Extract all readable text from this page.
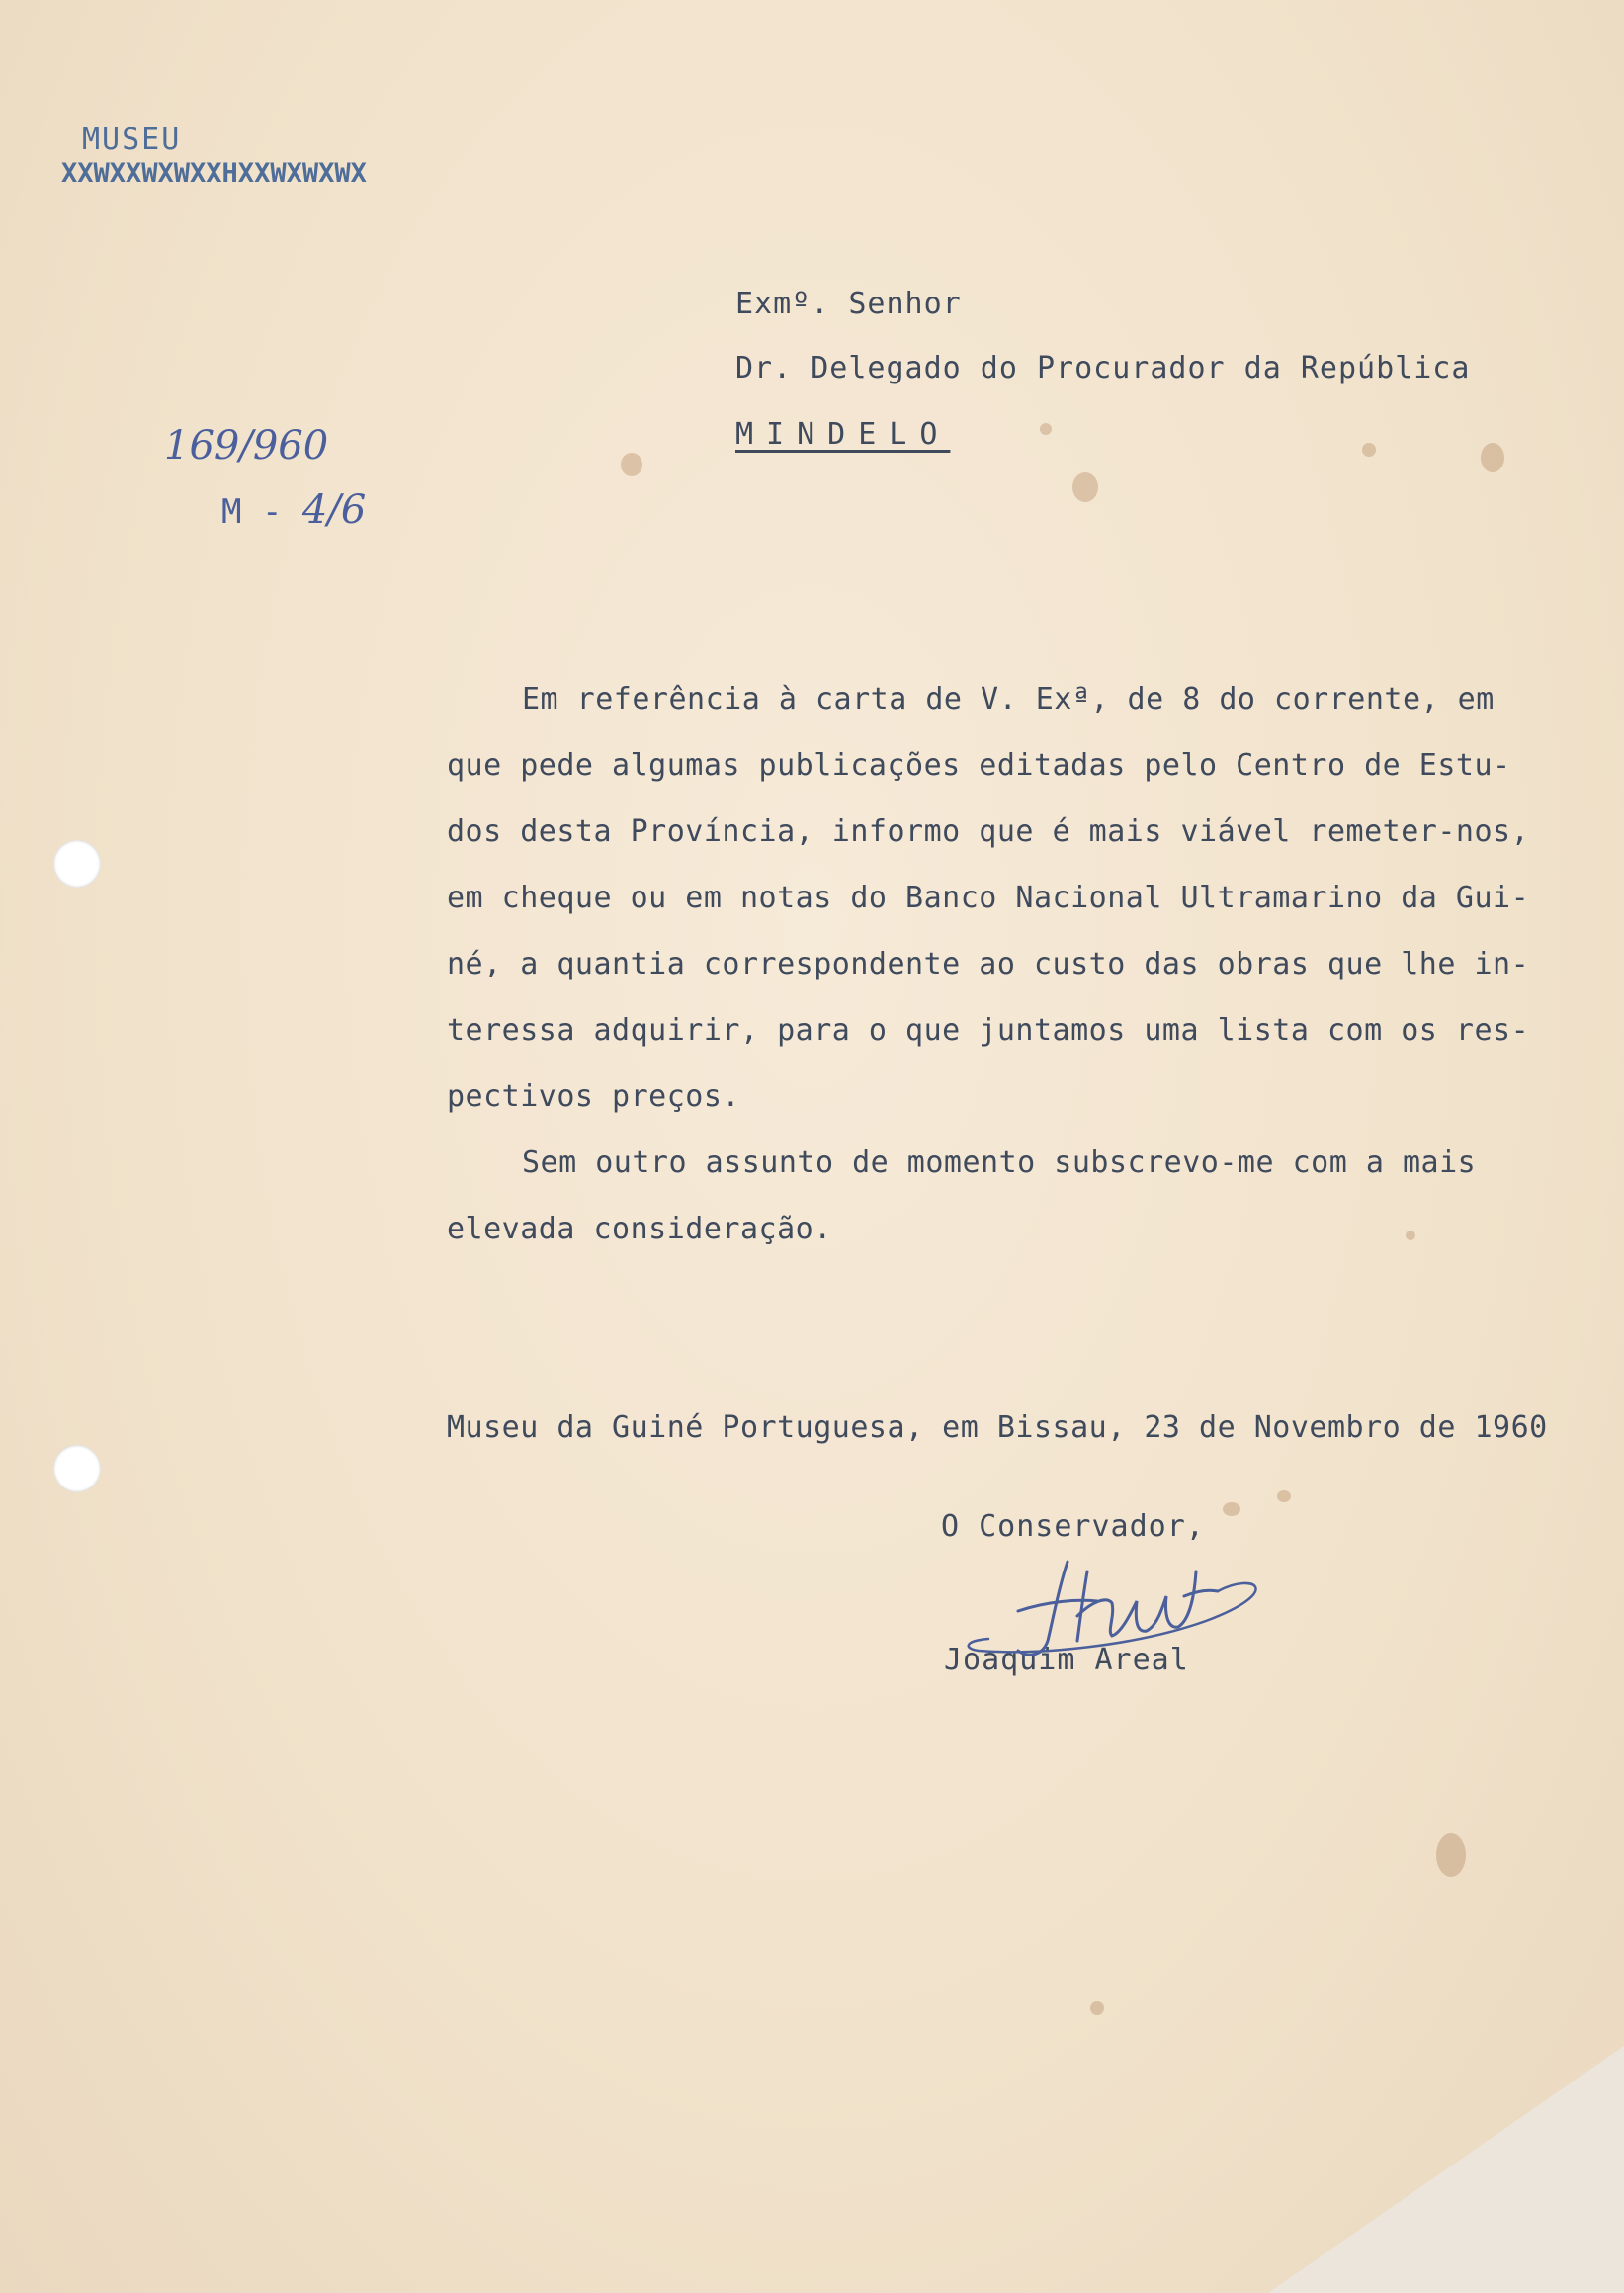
MUSEU
XXWXXWXWXXHXXWXWXWX
169/960
M - 4/6
Exmº. Senhor
Dr. Delegado do Procurador da República
MINDELO
Em referência à carta de V. Exª, de 8 do corrente, em
que pede algumas publicações editadas pelo Centro de Estu-
dos desta Província, informo que é mais viável remeter-nos,
em cheque ou em notas do Banco Nacional Ultramarino da Gui-
né, a quantia correspondente ao custo das obras que lhe in-
teressa adquirir, para o que juntamos uma lista com os res-
pectivos preços.
Sem outro assunto de momento subscrevo-me com a mais
elevada consideração.
Museu da Guiné Portuguesa, em Bissau, 23 de Novembro de 1960
O Conservador,
Joaquim Areal
